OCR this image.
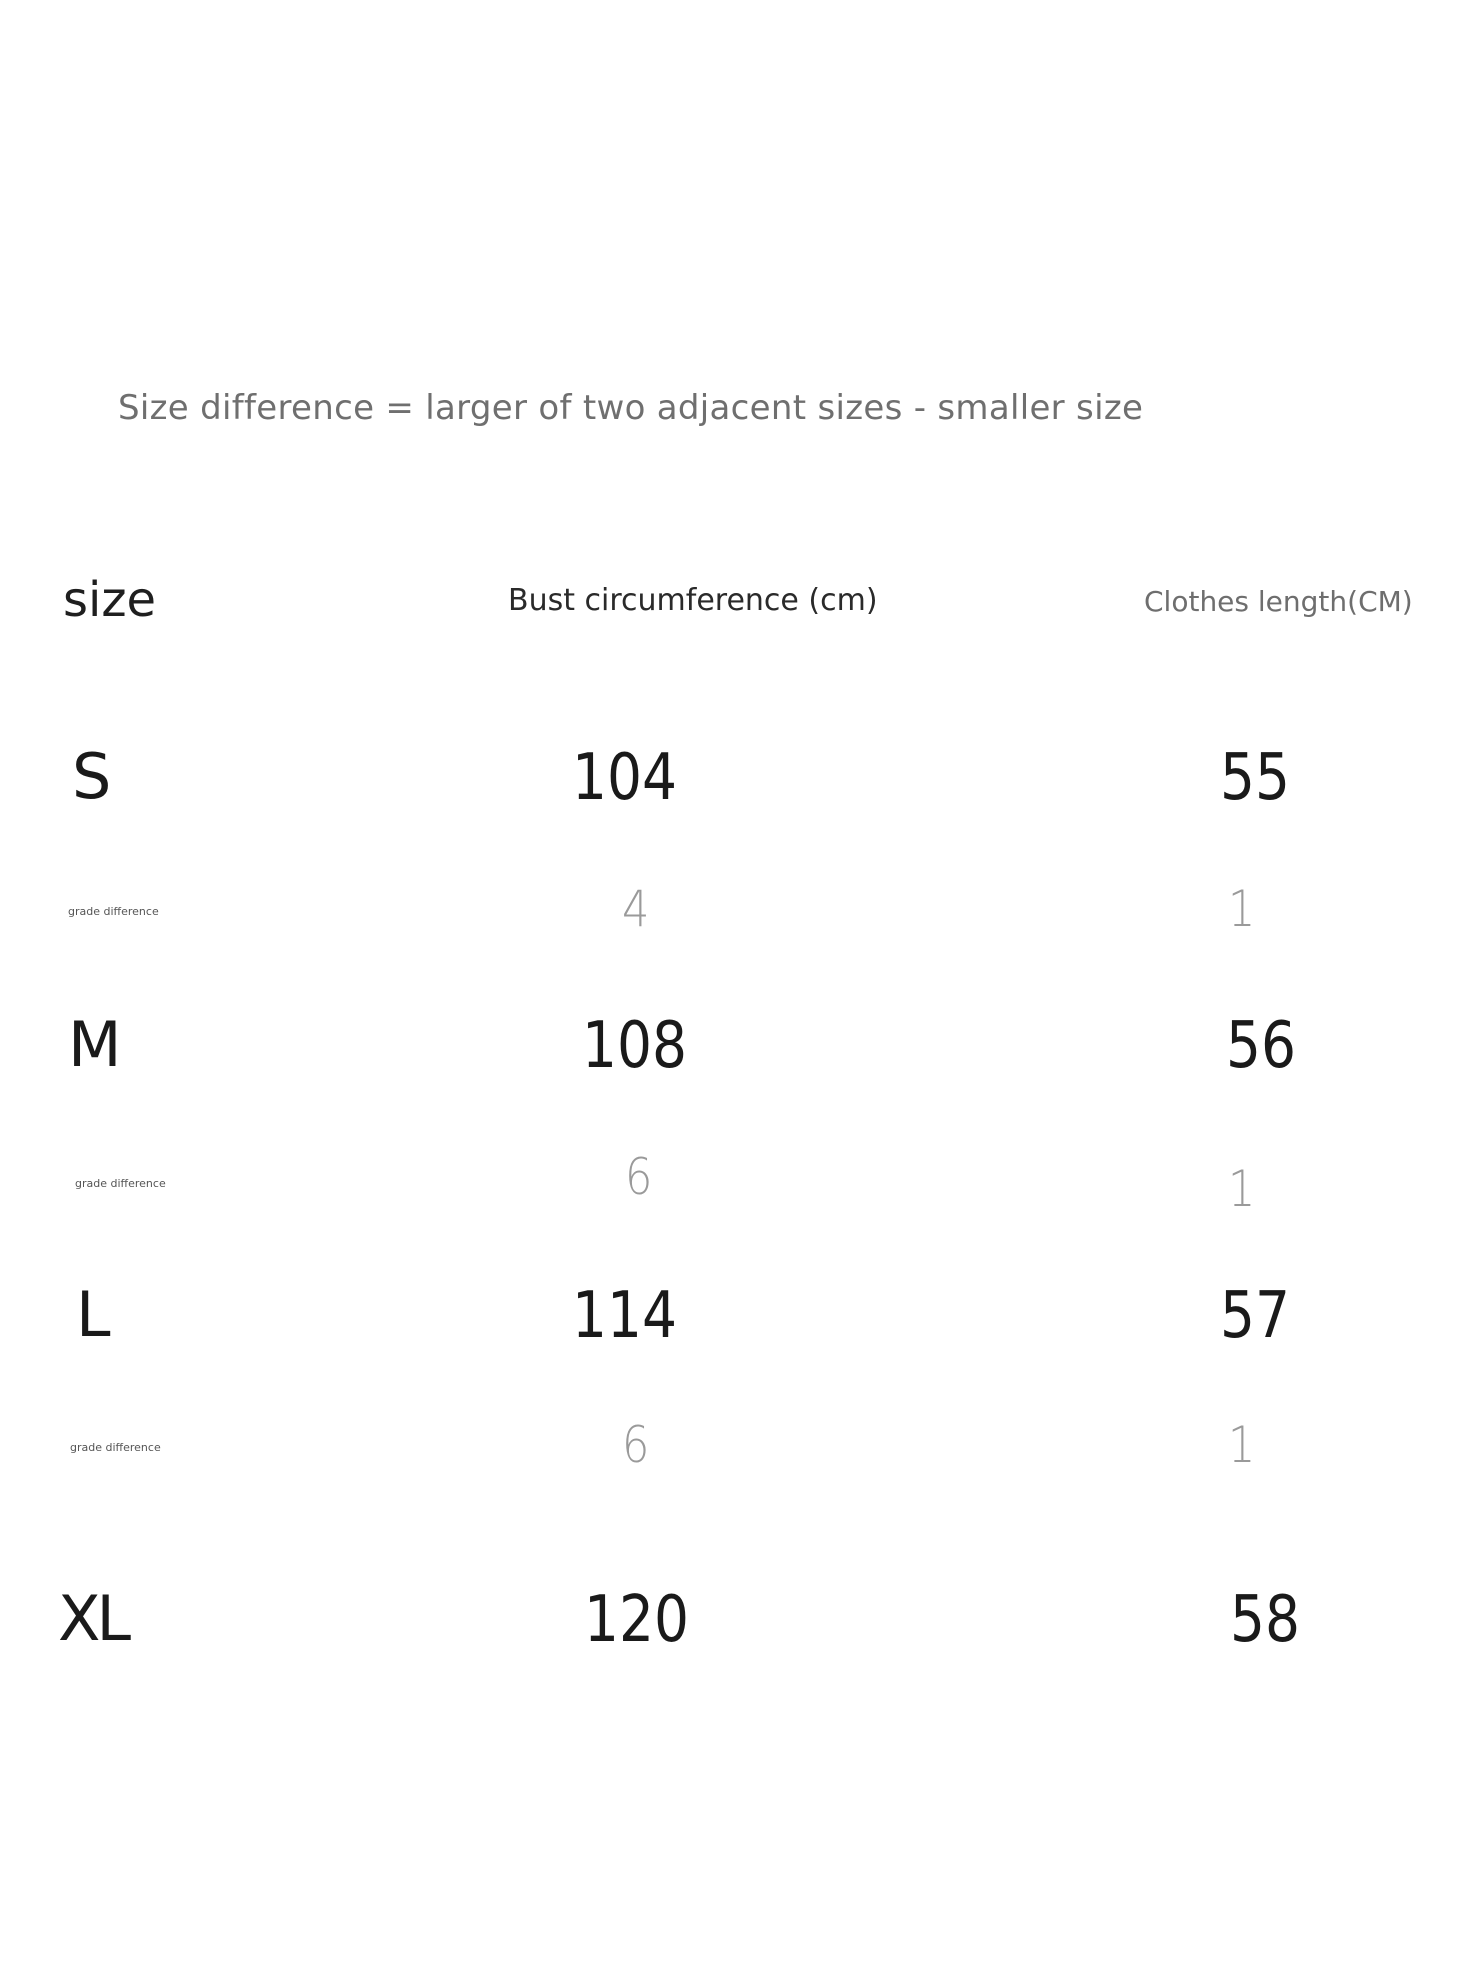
Size difference = larger of two adjacent sizes - smaller size
size	Bust circumference (cm)	Clothes length(CM)
S	104	55
grade difference	4	1
M	108	56
grade difference	6	1
L	114	57
grade difference	6	1
XL	120	58
